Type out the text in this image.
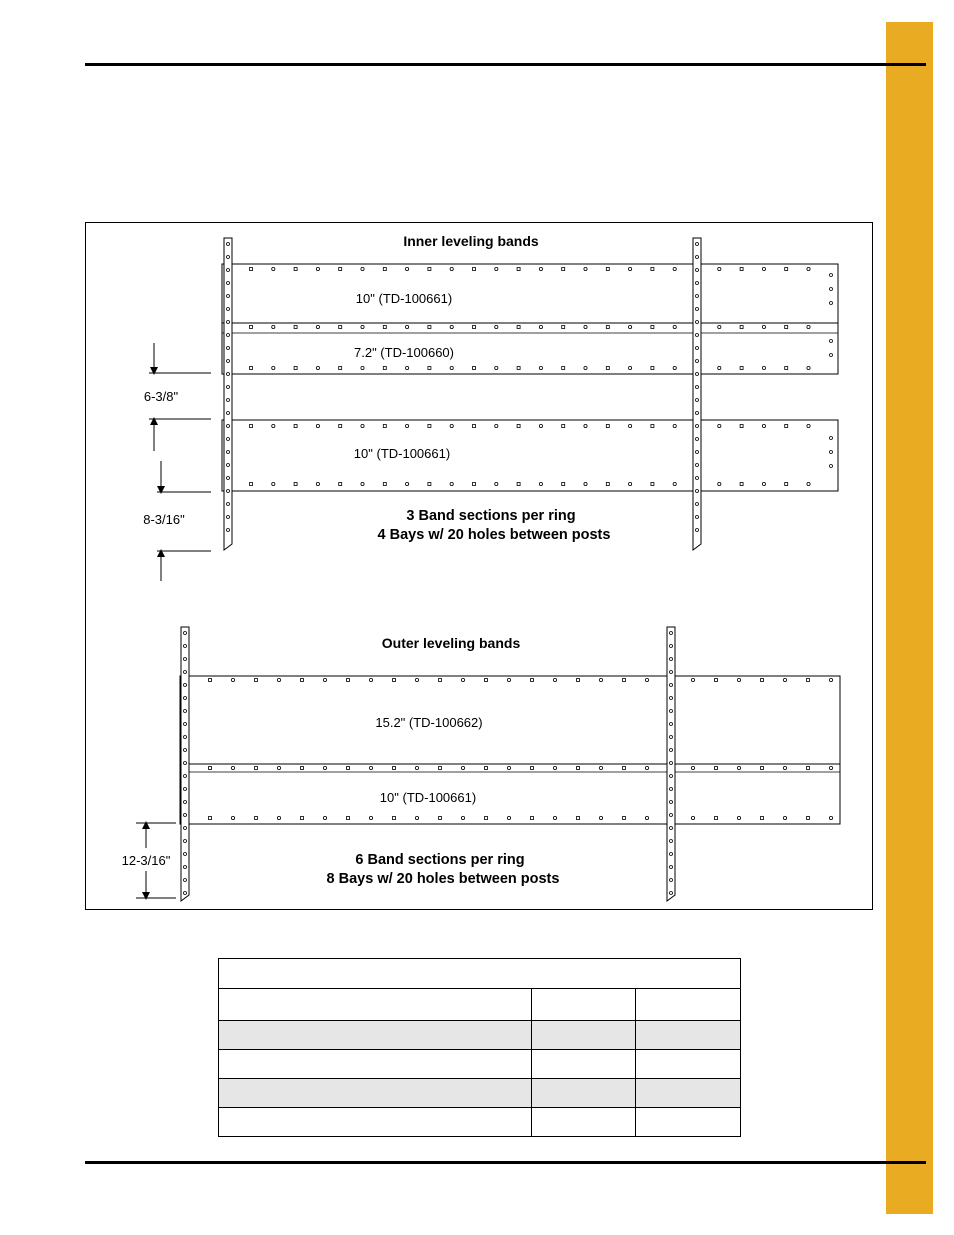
Inner leveling bands
10" (TD-100661)
7.2" (TD-100660)
10" (TD-100661)
6-3/8"
8-3/16"	3 Band sections per ring
4 Bays w/ 20 holes between posts
Outer leveling bands
15.2" (TD-100662)
10" (TD-100661)
12-3/16"	6 Band sections per ring
8 Bays w/ 20 holes between posts
